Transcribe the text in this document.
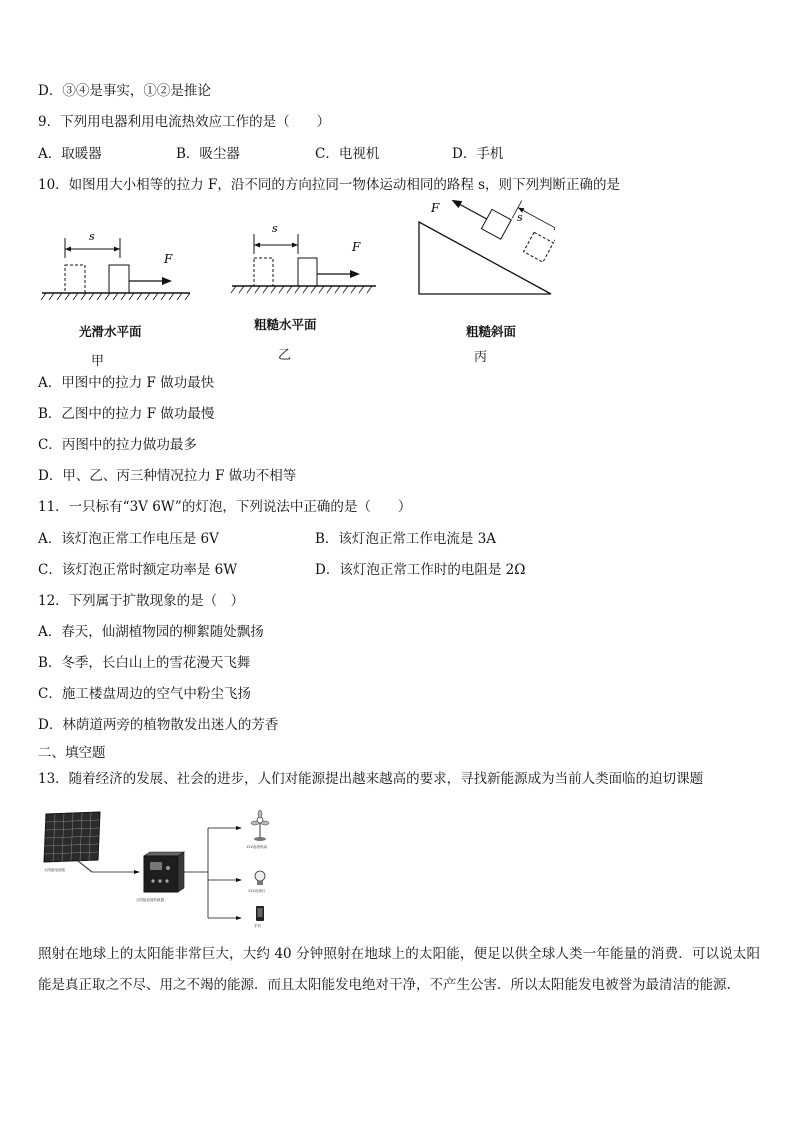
D．③④是事实，①②是推论
9．下列用电器利用电流热效应工作的是（　　）
A．取暖器	B．吸尘器	C．电视机	D．手机
10．如图用大小相等的拉力 F，沿不同的方向拉同一物体运动相同的路程 s，则下列判断正确的是
s
F
光滑水平面
甲
s
F
粗糙水平面
乙
F
s
粗糙斜面
丙
A．甲图中的拉力 F 做功最快
B．乙图中的拉力 F 做功最慢
C．丙图中的拉力做功最多
D．甲、乙、丙三种情况拉力 F 做功不相等
11．一只标有“3V 6W”的灯泡，下列说法中正确的是（　　）
A．该灯泡正常工作电压是 6V	B．该灯泡正常工作电流是 3A
C．该灯泡正常时额定功率是 6W	D．该灯泡正常工作时的电阻是 2Ω
12．下列属于扩散现象的是（　）
A．春天，仙湖植物园的柳絮随处飘扬
B．冬季，长白山上的雪花漫天飞舞
C．施工楼盘周边的空气中粉尘飞扬
D．林荫道两旁的植物散发出迷人的芳香
二、填空题
13．随着经济的发展、社会的进步，人们对能源提出越来越高的要求，寻找新能源成为当前人类面临的迫切课题
太阳能电池板
太阳能直流转换器
12V直流风扇
12V直流灯
手机
照射在地球上的太阳能非常巨大，大约 40 分钟照射在地球上的太阳能，便足以供全球人类一年能量的消费．可以说太阳能是真正取之不尽、用之不竭的能源．而且太阳能发电绝对干净，不产生公害．所以太阳能发电被誉为最清洁的能源.
